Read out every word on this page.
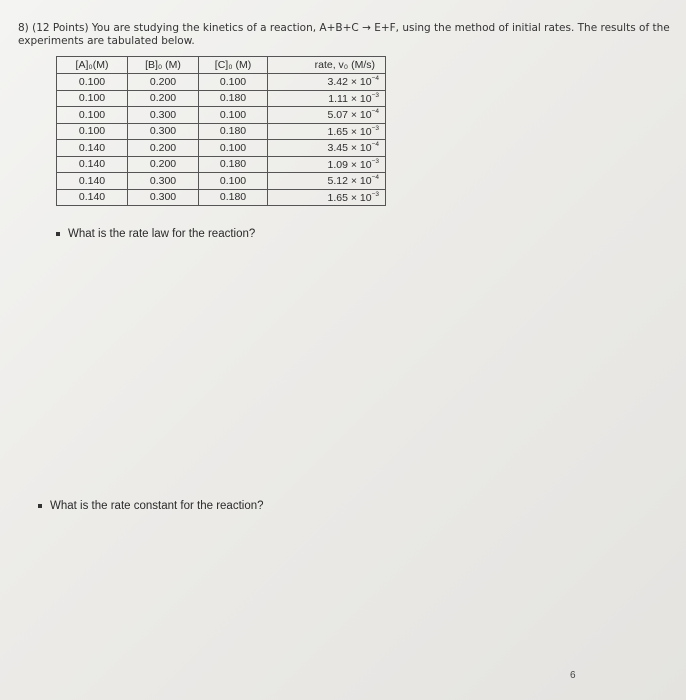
8) (12 Points) You are studying the kinetics of a reaction, A+B+C → E+F, using the method of initial rates. The results of the experiments are tabulated below.
[A]₀(M)	[B]₀ (M)	[C]₀ (M)	rate, v₀ (M/s)
0.100	0.200	0.100	$3.42 \times 10^{-4}$
0.100	0.200	0.180	$1.11 \times 10^{-3}$
0.100	0.300	0.100	$5.07 \times 10^{-4}$
0.100	0.300	0.180	$1.65 \times 10^{-3}$
0.140	0.200	0.100	$3.45 \times 10^{-4}$
0.140	0.200	0.180	$1.09 \times 10^{-3}$
0.140	0.300	0.100	$5.12 \times 10^{-4}$
0.140	0.300	0.180	$1.65 \times 10^{-3}$
What is the rate law for the reaction?
What is the rate constant for the reaction?
6
